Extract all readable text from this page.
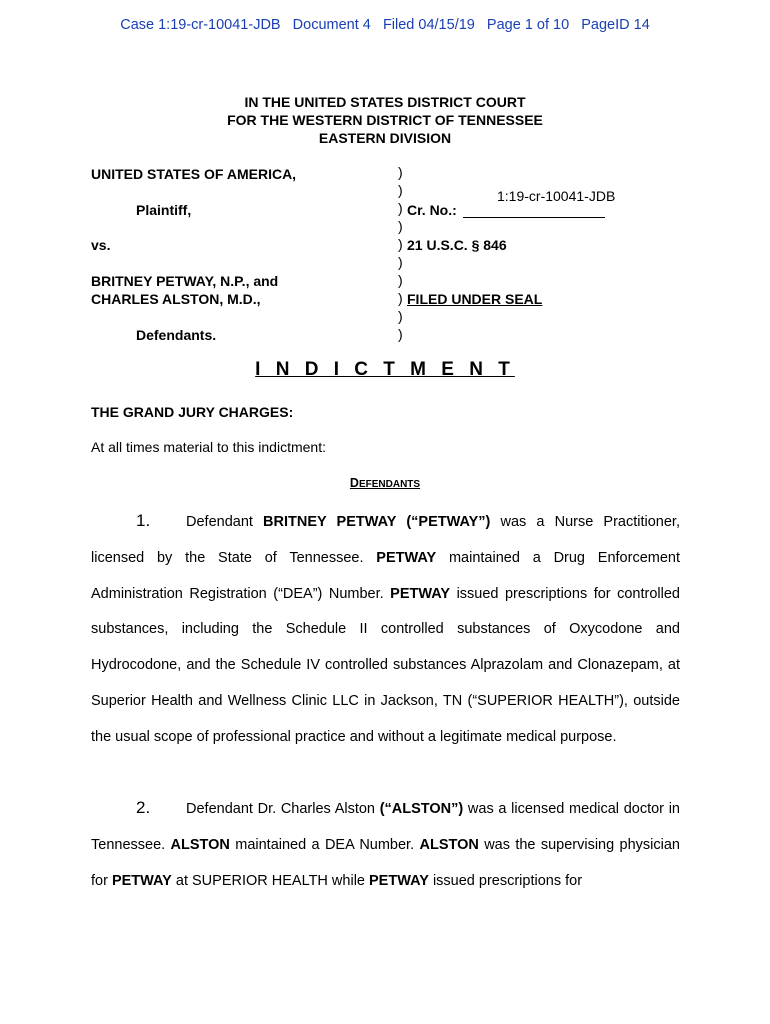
Case 1:19-cr-10041-JDB   Document 4   Filed 04/15/19   Page 1 of 10   PageID 14
IN THE UNITED STATES DISTRICT COURT
FOR THE WESTERN DISTRICT OF TENNESSEE
EASTERN DIVISION
UNITED STATES OF AMERICA,
Plaintiff,
vs.
BRITNEY PETWAY, N.P., and
CHARLES ALSTON, M.D.,
Defendants.
)
)
)
)
)
)
)
)
)
)
1:19-cr-10041-JDB
Cr. No.:
21 U.S.C. § 846
FILED UNDER SEAL
I N D I C T M E N T
THE GRAND JURY CHARGES:
At all times material to this indictment:
DEFENDANTS

1. Defendant BRITNEY PETWAY (“PETWAY”) was a Nurse Practitioner, licensed by the State of Tennessee. PETWAY maintained a Drug Enforcement Administration Registration (“DEA”) Number. PETWAY issued prescriptions for controlled substances, including the Schedule II controlled substances of Oxycodone and Hydrocodone, and the Schedule IV controlled substances Alprazolam and Clonazepam, at Superior Health and Wellness Clinic LLC in Jackson, TN (“SUPERIOR HEALTH”), outside the usual scope of professional practice and without a legitimate medical purpose.

2. Defendant Dr. Charles Alston (“ALSTON”) was a licensed medical doctor in Tennessee. ALSTON maintained a DEA Number. ALSTON was the supervising physician for PETWAY at SUPERIOR HEALTH while PETWAY issued prescriptions for
